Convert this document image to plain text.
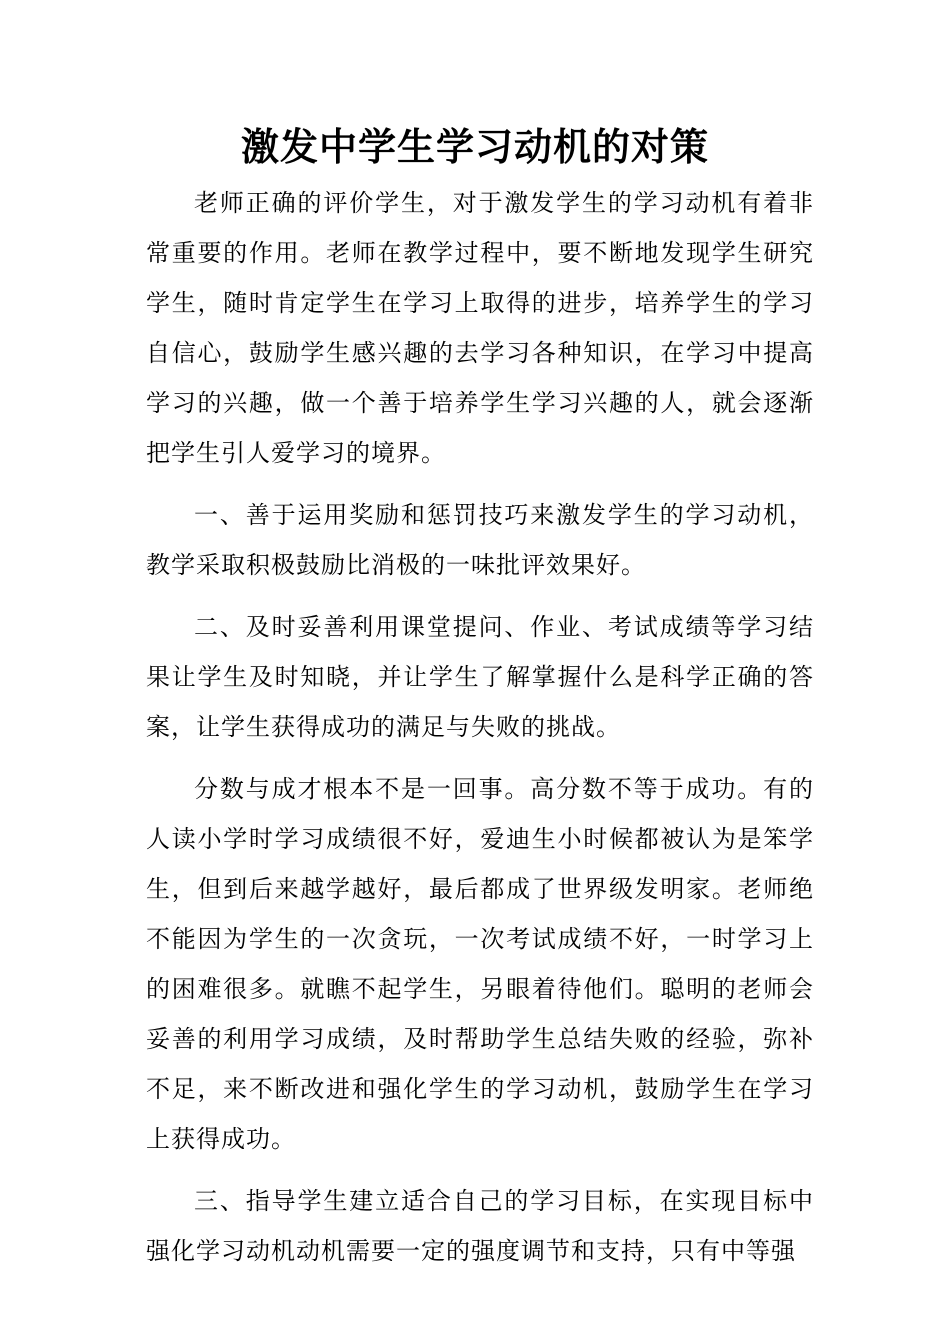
激发中学生学习动机的对策

老师正确的评价学生，对于激发学生的学习动机有着非常重要的作用。老师在教学过程中，要不断地发现学生研究学生，随时肯定学生在学习上取得的进步，培养学生的学习自信心，鼓励学生感兴趣的去学习各种知识，在学习中提高学习的兴趣，做一个善于培养学生学习兴趣的人，就会逐渐把学生引人爱学习的境界。

一、善于运用奖励和惩罚技巧来激发学生的学习动机，教学采取积极鼓励比消极的一味批评效果好。

二、及时妥善利用课堂提问、作业、考试成绩等学习结果让学生及时知晓，并让学生了解掌握什么是科学正确的答案，让学生获得成功的满足与失败的挑战。

分数与成才根本不是一回事。高分数不等于成功。有的人读小学时学习成绩很不好，爱迪生小时候都被认为是笨学生，但到后来越学越好，最后都成了世界级发明家。老师绝不能因为学生的一次贪玩，一次考试成绩不好，一时学习上的困难很多。就瞧不起学生，另眼着待他们。聪明的老师会妥善的利用学习成绩，及时帮助学生总结失败的经验，弥补不足，来不断改进和强化学生的学习动机，鼓励学生在学习上获得成功。

三、指导学生建立适合自己的学习目标，在实现目标中强化学习动机动机需要一定的强度调节和支持，只有中等强
